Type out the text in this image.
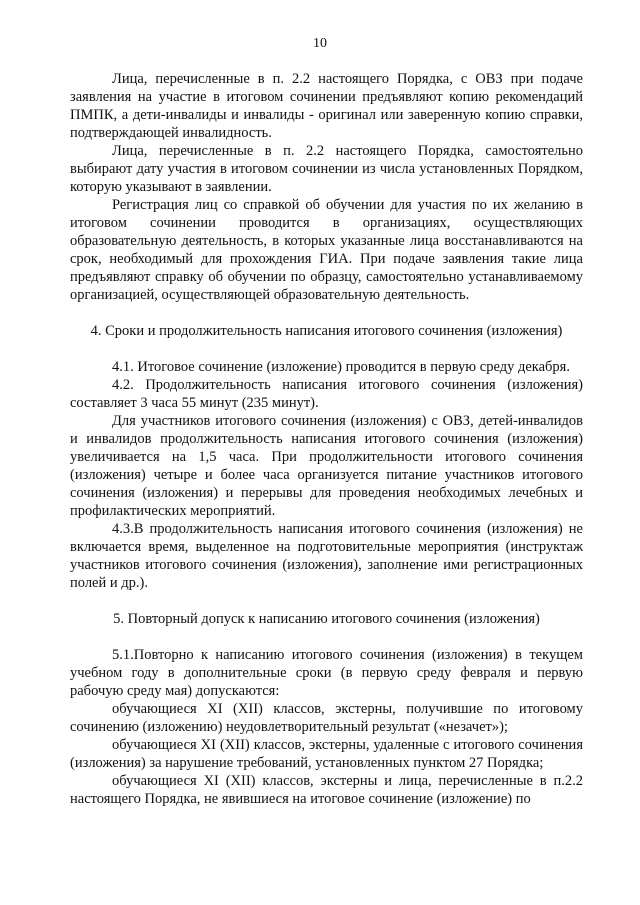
10

Лица, перечисленные в п. 2.2 настоящего Порядка, с ОВЗ при подаче заявления на участие в итоговом сочинении предъявляют копию рекомендаций ПМПК, а дети-инвалиды и инвалиды - оригинал или заверенную копию справки, подтверждающей инвалидность.

Лица, перечисленные в п. 2.2 настоящего Порядка, самостоятельно выбирают дату участия в итоговом сочинении из числа установленных Порядком, которую указывают в заявлении.

Регистрация лиц со справкой об обучении для участия по их желанию в итоговом сочинении проводится в организациях, осуществляющих образовательную деятельность, в которых указанные лица восстанавливаются на срок, необходимый для прохождения ГИА. При подаче заявления такие лица предъявляют справку об обучении по образцу, самостоятельно устанавливаемому организацией, осуществляющей образовательную деятельность.

4. Сроки и продолжительность написания итогового сочинения (изложения)

4.1. Итоговое сочинение (изложение) проводится в первую среду декабря.

4.2. Продолжительность написания итогового сочинения (изложения) составляет 3 часа 55 минут (235 минут).

Для участников итогового сочинения (изложения) с ОВЗ, детей-инвалидов и инвалидов продолжительность написания итогового сочинения (изложения) увеличивается на 1,5 часа. При продолжительности итогового сочинения (изложения) четыре и более часа организуется питание участников итогового сочинения (изложения) и перерывы для проведения необходимых лечебных и профилактических мероприятий.

4.3.В продолжительность написания итогового сочинения (изложения) не включается время, выделенное на подготовительные мероприятия (инструктаж участников итогового сочинения (изложения), заполнение ими регистрационных полей и др.).

5. Повторный допуск к написанию итогового сочинения (изложения)

5.1.Повторно к написанию итогового сочинения (изложения) в текущем учебном году в дополнительные сроки (в первую среду февраля и первую рабочую среду мая) допускаются:

обучающиеся XI (XII) классов, экстерны, получившие по итоговому сочинению (изложению) неудовлетворительный результат («незачет»);

обучающиеся XI (XII) классов, экстерны, удаленные с итогового сочинения (изложения) за нарушение требований, установленных пунктом 27 Порядка;

обучающиеся XI (XII) классов, экстерны и лица, перечисленные в п.2.2 настоящего Порядка, не явившиеся на итоговое сочинение (изложение) по
